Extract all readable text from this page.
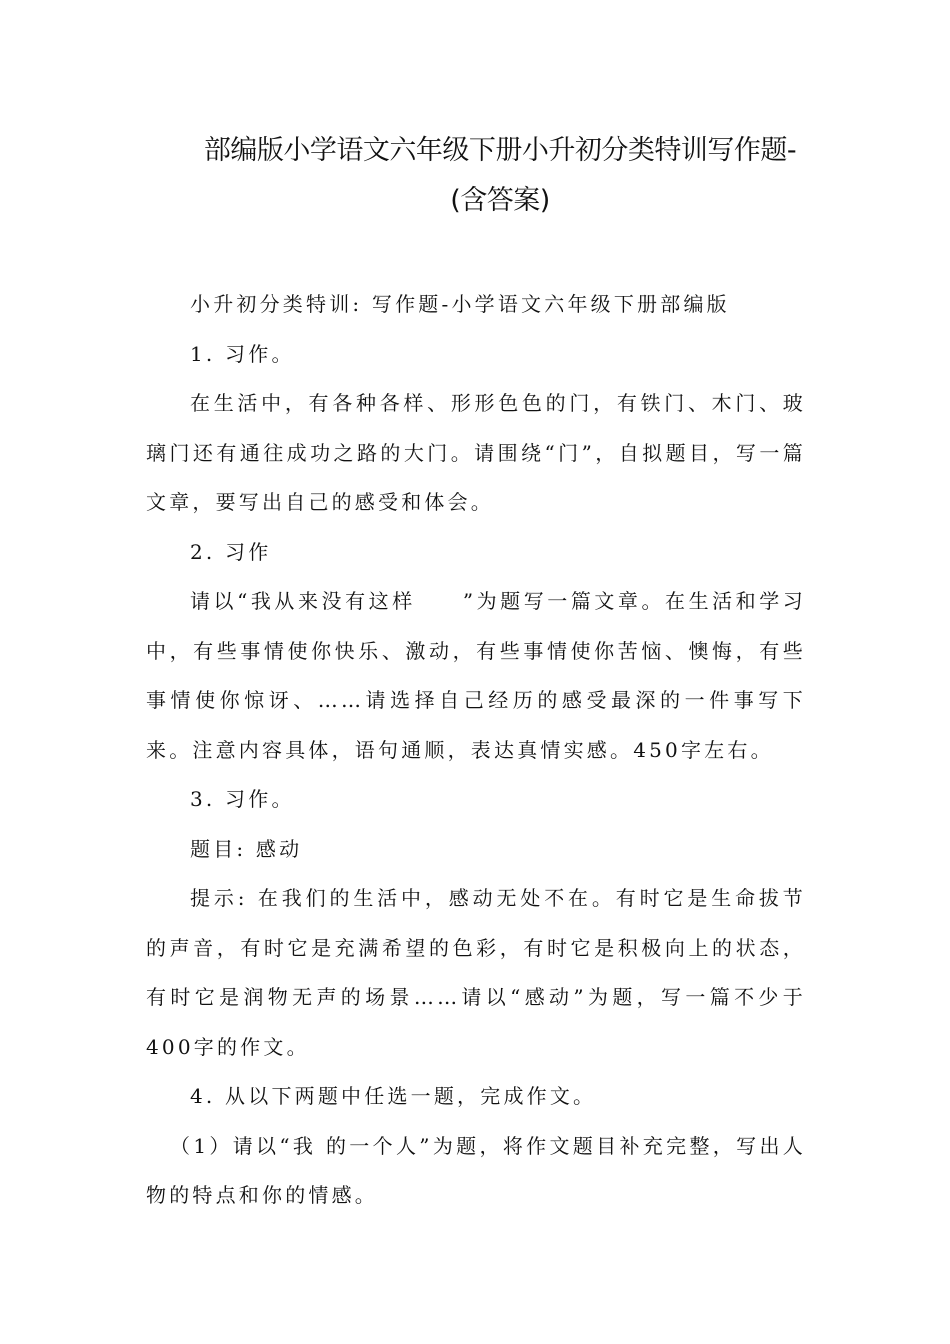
部编版小学语文六年级下册小升初分类特训写作题-
(含答案)

小升初分类特训: 写作题-小学语文六年级下册部编版

1. 习作。

在生活中，有各种各样、形形色色的门，有铁门、木门、玻璃门还有通往成功之路的大门。请围绕“门”，自拟题目，写一篇文章，要写出自己的感受和体会。

2. 习作

请以“我从来没有这样　　”为题写一篇文章。在生活和学习中，有些事情使你快乐、激动，有些事情使你苦恼、懊悔，有些事情使你惊讶、……请选择自己经历的感受最深的一件事写下来。注意内容具体，语句通顺，表达真情实感。450字左右。

3. 习作。

题目: 感动

提示: 在我们的生活中，感动无处不在。有时它是生命拔节的声音，有时它是充满希望的色彩，有时它是积极向上的状态，有时它是润物无声的场景……请以“感动”为题，写一篇不少于400字的作文。

4. 从以下两题中任选一题，完成作文。

（1）请以“我 的一个人”为题，将作文题目补充完整，写出人物的特点和你的情感。
